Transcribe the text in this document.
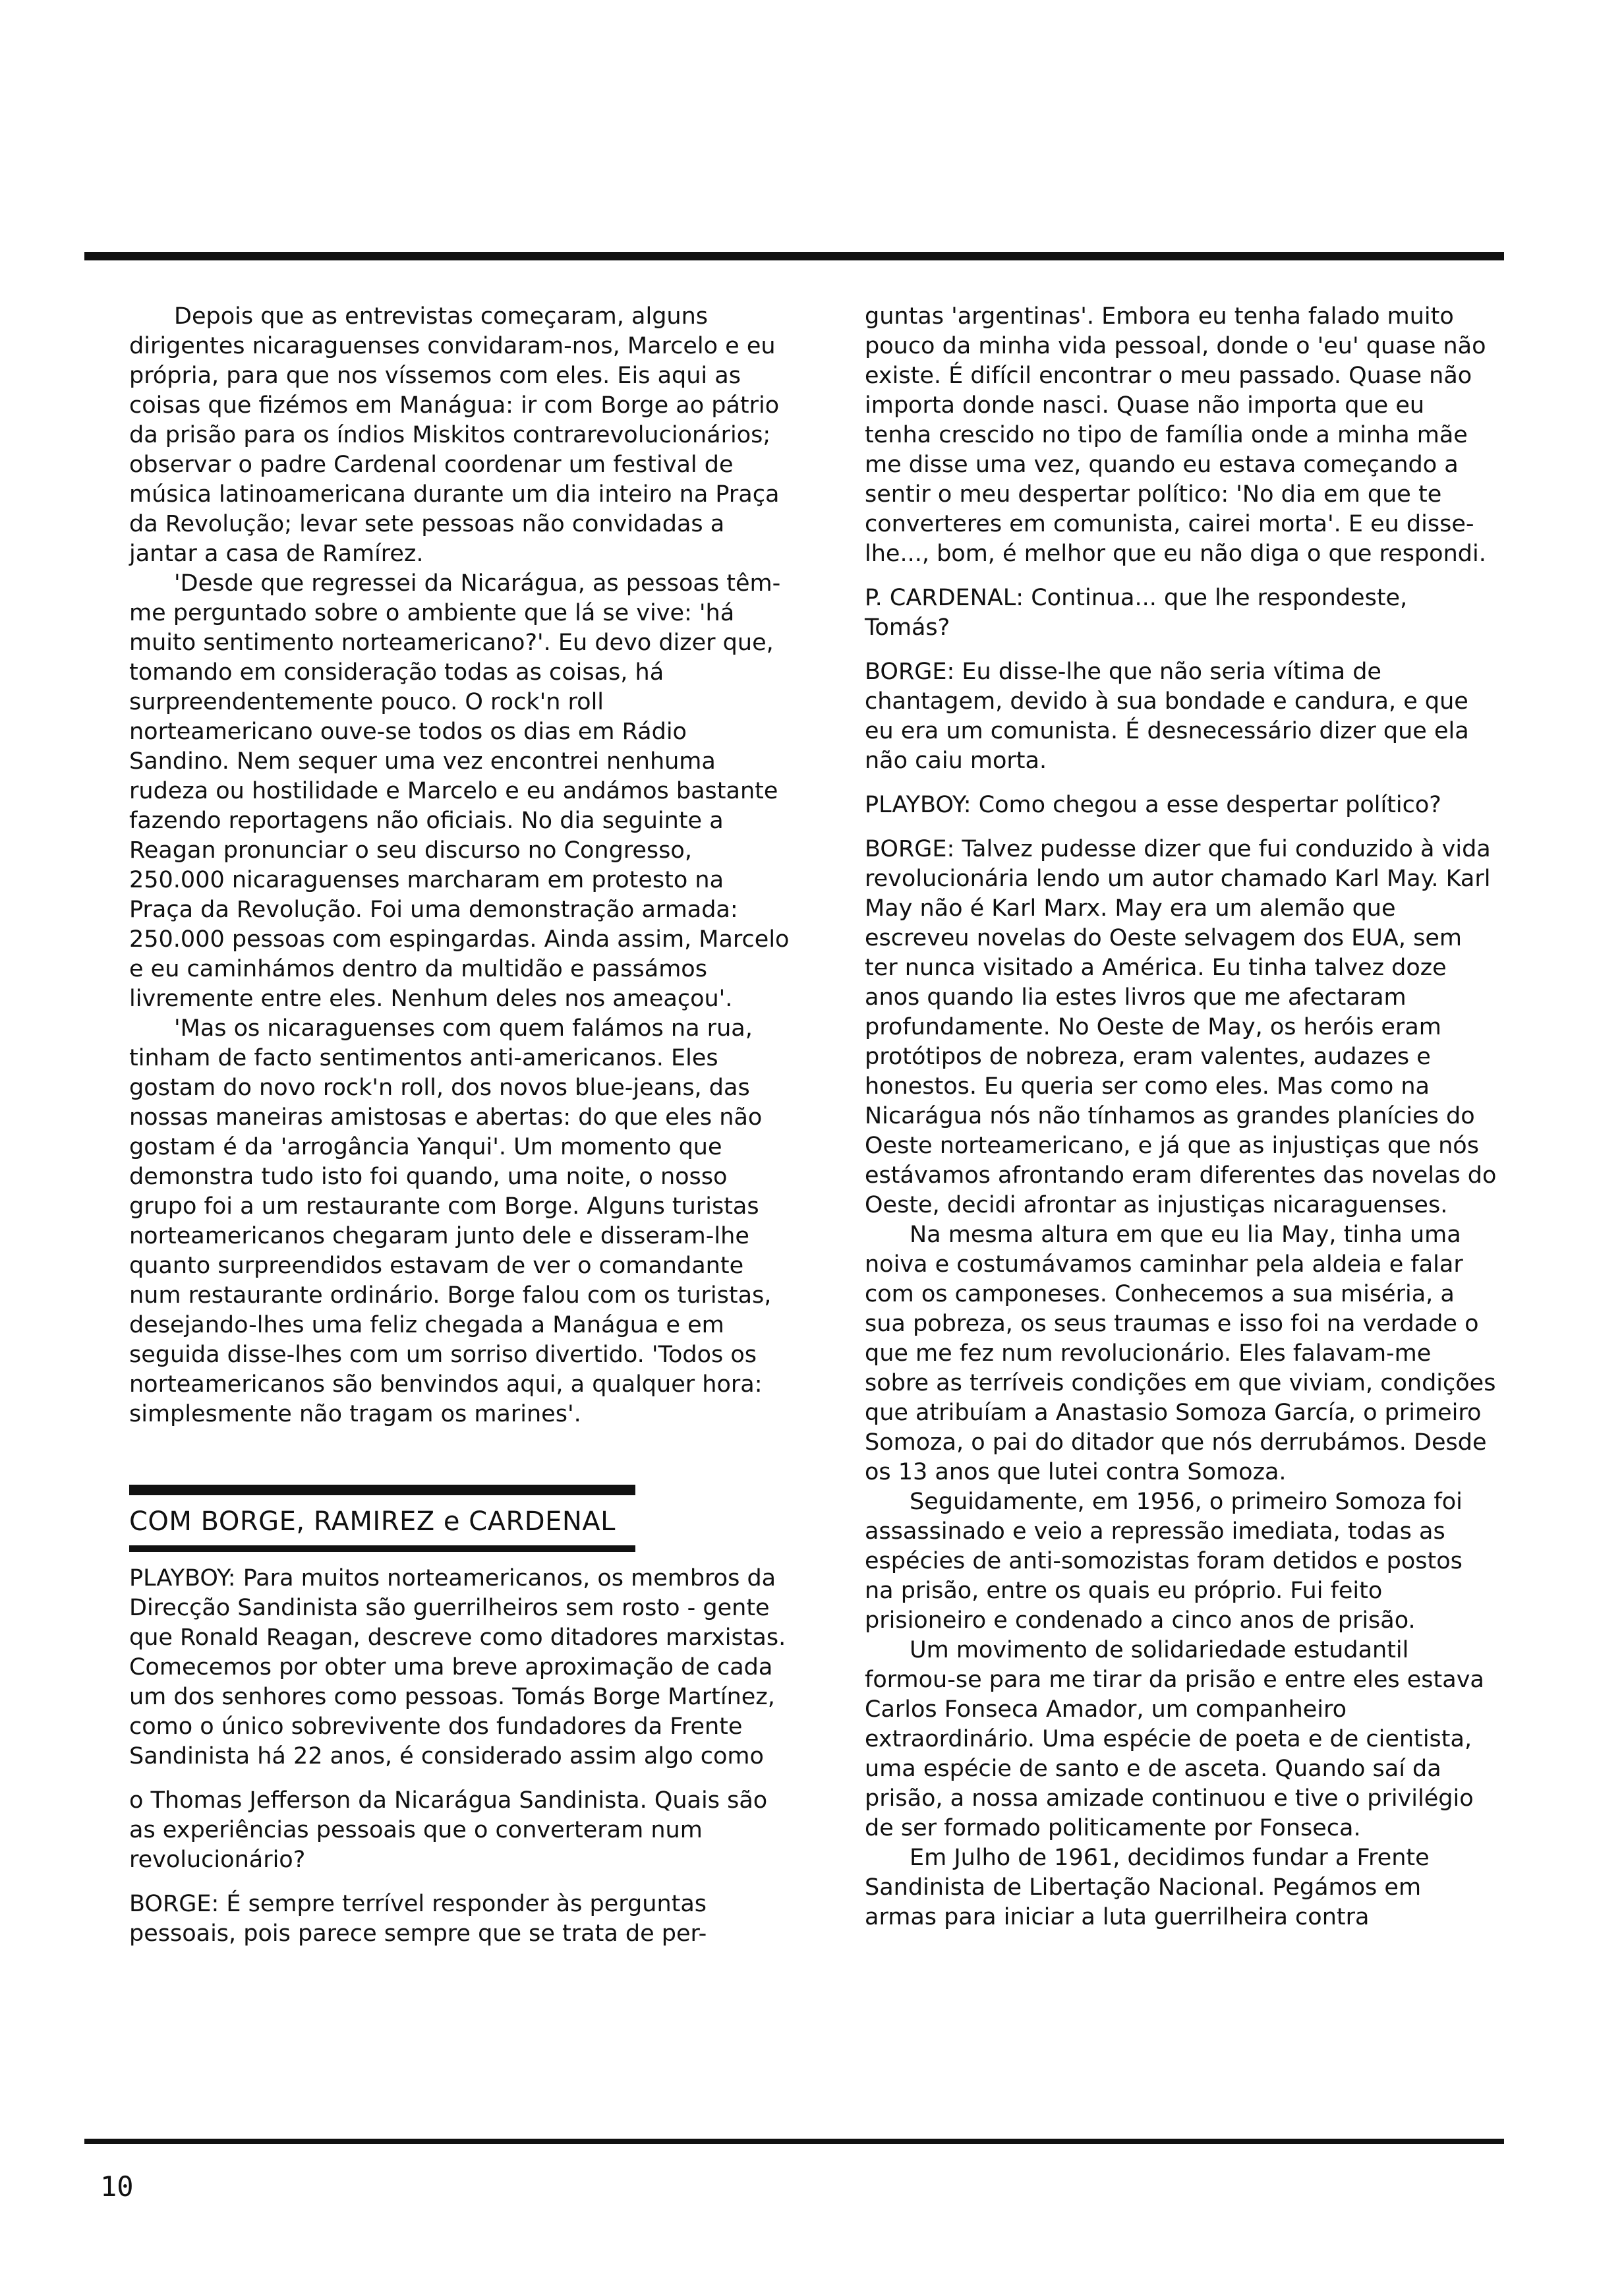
Depois que as entrevistas começaram, alguns dirigentes nicaraguenses convidaram-nos, Marcelo e eu própria, para que nos víssemos com eles. Eis aqui as coisas que fizémos em Manágua: ir com Borge ao pátrio da prisão para os índios Miskitos contrarevolucionários; observar o padre Cardenal coordenar um festival de música latinoamericana durante um dia inteiro na Praça da Revolução; levar sete pessoas não convidadas a jantar a casa de Ramírez.

'Desde que regressei da Nicarágua, as pessoas têm-me perguntado sobre o ambiente que lá se vive: 'há muito sentimento norteamericano?'. Eu devo dizer que, tomando em consideração todas as coisas, há surpreendentemente pouco. O rock'n roll norteamericano ouve-se todos os dias em Rádio Sandino. Nem sequer uma vez encontrei nenhuma rudeza ou hostilidade e Marcelo e eu andámos bastante fazendo reportagens não oficiais. No dia seguinte a Reagan pronunciar o seu discurso no Congresso, 250.000 nicaraguenses marcharam em protesto na Praça da Revolução. Foi uma demonstração armada: 250.000 pessoas com espingardas. Ainda assim, Marcelo e eu caminhámos dentro da multidão e passámos livremente entre eles. Nenhum deles nos ameaçou'.

'Mas os nicaraguenses com quem falámos na rua, tinham de facto sentimentos anti-americanos. Eles gostam do novo rock'n roll, dos novos blue-jeans, das nossas maneiras amistosas e abertas: do que eles não gostam é da 'arrogância Yanqui'. Um momento que demonstra tudo isto foi quando, uma noite, o nosso grupo foi a um restaurante com Borge. Alguns turistas norteamericanos chegaram junto dele e disseram-lhe quanto surpreendidos estavam de ver o comandante num restaurante ordinário. Borge falou com os turistas, desejando-lhes uma feliz chegada a Manágua e em seguida disse-lhes com um sorriso divertido. 'Todos os norteamericanos são benvindos aqui, a qualquer hora: simplesmente não tragam os marines'.

COM BORGE, RAMIREZ e CARDENAL

PLAYBOY: Para muitos norteamericanos, os membros da Direcção Sandinista são guerrilheiros sem rosto - gente que Ronald Reagan, descreve como ditadores marxistas. Comecemos por obter uma breve aproximação de cada um dos senhores como pessoas. Tomás Borge Martínez, como o único sobrevivente dos fundadores da Frente Sandinista há 22 anos, é considerado assim algo como

o Thomas Jefferson da Nicarágua Sandinista. Quais são as experiências pessoais que o converteram num revolucionário?

BORGE: É sempre terrível responder às perguntas pessoais, pois parece sempre que se trata de per-

guntas 'argentinas'. Embora eu tenha falado muito pouco da minha vida pessoal, donde o 'eu' quase não existe. É difícil encontrar o meu passado. Quase não importa donde nasci. Quase não importa que eu tenha crescido no tipo de família onde a minha mãe me disse uma vez, quando eu estava começando a sentir o meu despertar político: 'No dia em que te converteres em comunista, cairei morta'. E eu disse-lhe..., bom, é melhor que eu não diga o que respondi.

P. CARDENAL: Continua... que lhe respondeste, Tomás?

BORGE: Eu disse-lhe que não seria vítima de chantagem, devido à sua bondade e candura, e que eu era um comunista. É desnecessário dizer que ela não caiu morta.

PLAYBOY: Como chegou a esse despertar político?

BORGE: Talvez pudesse dizer que fui conduzido à vida revolucionária lendo um autor chamado Karl May. Karl May não é Karl Marx. May era um alemão que escreveu novelas do Oeste selvagem dos EUA, sem ter nunca visitado a América. Eu tinha talvez doze anos quando lia estes livros que me afectaram profundamente. No Oeste de May, os heróis eram protótipos de nobreza, eram valentes, audazes e honestos. Eu queria ser como eles. Mas como na Nicarágua nós não tínhamos as grandes planícies do Oeste norteamericano, e já que as injustiças que nós estávamos afrontando eram diferentes das novelas do Oeste, decidi afrontar as injustiças nicaraguenses.

Na mesma altura em que eu lia May, tinha uma noiva e costumávamos caminhar pela aldeia e falar com os camponeses. Conhecemos a sua miséria, a sua pobreza, os seus traumas e isso foi na verdade o que me fez num revolucionário. Eles falavam-me sobre as terríveis condições em que viviam, condições que atribuíam a Anastasio Somoza García, o primeiro Somoza, o pai do ditador que nós derrubámos. Desde os 13 anos que lutei contra Somoza.

Seguidamente, em 1956, o primeiro Somoza foi assassinado e veio a repressão imediata, todas as espécies de anti-somozistas foram detidos e postos na prisão, entre os quais eu próprio. Fui feito prisioneiro e condenado a cinco anos de prisão.

Um movimento de solidariedade estudantil formou-se para me tirar da prisão e entre eles estava Carlos Fonseca Amador, um companheiro extraordinário. Uma espécie de poeta e de cientista, uma espécie de santo e de asceta. Quando saí da prisão, a nossa amizade continuou e tive o privilégio de ser formado politicamente por Fonseca.

Em Julho de 1961, decidimos fundar a Frente Sandinista de Libertação Nacional. Pegámos em armas para iniciar a luta guerrilheira contra

10
